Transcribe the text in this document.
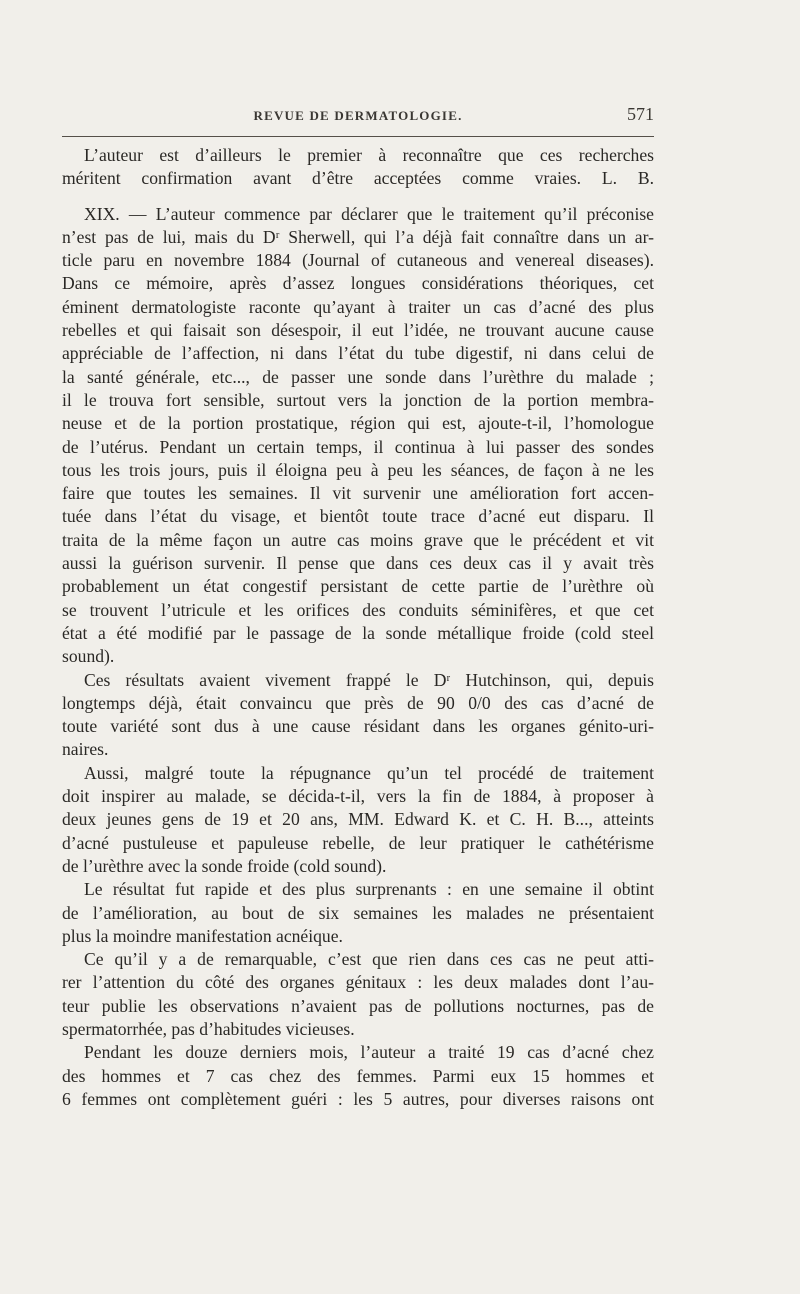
REVUE DE DERMATOLOGIE.	571
L’auteur est d’ailleurs le premier à reconnaître que ces recherches
méritent confirmation avant d’être acceptées comme vraies. L. B.
XIX. — L’auteur commence par déclarer que le traitement qu’il préconise
n’est pas de lui, mais du Dʳ Sherwell, qui l’a déjà fait connaître dans un ar-
ticle paru en novembre 1884 (Journal of cutaneous and venereal diseases).
Dans ce mémoire, après d’assez longues considérations théoriques, cet
éminent dermatologiste raconte qu’ayant à traiter un cas d’acné des plus
rebelles et qui faisait son désespoir, il eut l’idée, ne trouvant aucune cause
appréciable de l’affection, ni dans l’état du tube digestif, ni dans celui de
la santé générale, etc..., de passer une sonde dans l’urèthre du malade ;
il le trouva fort sensible, surtout vers la jonction de la portion membra-
neuse et de la portion prostatique, région qui est, ajoute-t-il, l’homologue
de l’utérus. Pendant un certain temps, il continua à lui passer des sondes
tous les trois jours, puis il éloigna peu à peu les séances, de façon à ne les
faire que toutes les semaines. Il vit survenir une amélioration fort accen-
tuée dans l’état du visage, et bientôt toute trace d’acné eut disparu. Il
traita de la même façon un autre cas moins grave que le précédent et vit
aussi la guérison survenir. Il pense que dans ces deux cas il y avait très
probablement un état congestif persistant de cette partie de l’urèthre où
se trouvent l’utricule et les orifices des conduits séminifères, et que cet
état a été modifié par le passage de la sonde métallique froide (cold steel
sound).
Ces résultats avaient vivement frappé le Dʳ Hutchinson, qui, depuis
longtemps déjà, était convaincu que près de 90 0/0 des cas d’acné de
toute variété sont dus à une cause résidant dans les organes génito-uri-
naires.
Aussi, malgré toute la répugnance qu’un tel procédé de traitement
doit inspirer au malade, se décida-t-il, vers la fin de 1884, à proposer à
deux jeunes gens de 19 et 20 ans, MM. Edward K. et C. H. B..., atteints
d’acné pustuleuse et papuleuse rebelle, de leur pratiquer le cathétérisme
de l’urèthre avec la sonde froide (cold sound).
Le résultat fut rapide et des plus surprenants : en une semaine il obtint
de l’amélioration, au bout de six semaines les malades ne présentaient
plus la moindre manifestation acnéique.
Ce qu’il y a de remarquable, c’est que rien dans ces cas ne peut atti-
rer l’attention du côté des organes génitaux : les deux malades dont l’au-
teur publie les observations n’avaient pas de pollutions nocturnes, pas de
spermatorrhée, pas d’habitudes vicieuses.
Pendant les douze derniers mois, l’auteur a traité 19 cas d’acné chez
des hommes et 7 cas chez des femmes. Parmi eux 15 hommes et
6 femmes ont complètement guéri : les 5 autres, pour diverses raisons ont
